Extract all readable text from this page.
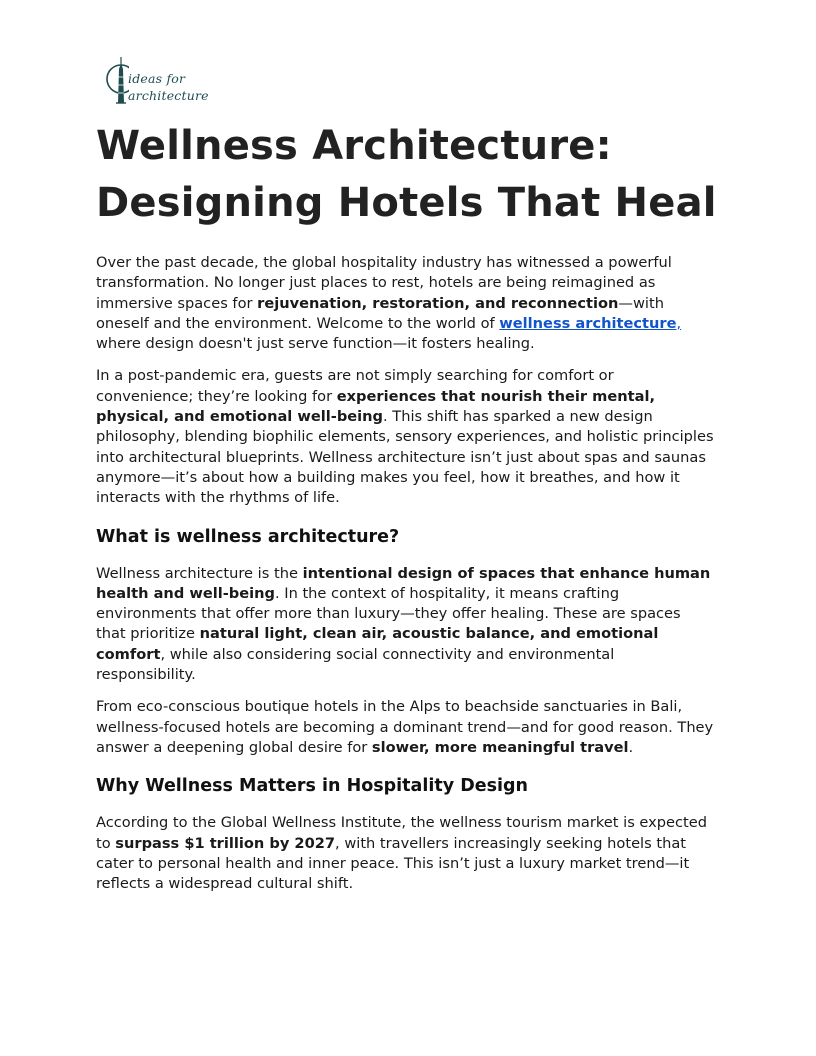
ideas for
architecture
Wellness Architecture:
Designing Hotels That Heal

Over the past decade, the global hospitality industry has witnessed a powerful
transformation. No longer just places to rest, hotels are being reimagined as
immersive spaces for rejuvenation, restoration, and reconnection—with
oneself and the environment. Welcome to the world of wellness architecture,
where design doesn't just serve function—it fosters healing.

In a post-pandemic era, guests are not simply searching for comfort or
convenience; they’re looking for experiences that nourish their mental,
physical, and emotional well-being. This shift has sparked a new design
philosophy, blending biophilic elements, sensory experiences, and holistic principles
into architectural blueprints. Wellness architecture isn’t just about spas and saunas
anymore—it’s about how a building makes you feel, how it breathes, and how it
interacts with the rhythms of life.

What is wellness architecture?

Wellness architecture is the intentional design of spaces that enhance human
health and well-being. In the context of hospitality, it means crafting
environments that offer more than luxury—they offer healing. These are spaces
that prioritize natural light, clean air, acoustic balance, and emotional
comfort, while also considering social connectivity and environmental
responsibility.

From eco-conscious boutique hotels in the Alps to beachside sanctuaries in Bali,
wellness-focused hotels are becoming a dominant trend—and for good reason. They
answer a deepening global desire for slower, more meaningful travel.

Why Wellness Matters in Hospitality Design

According to the Global Wellness Institute, the wellness tourism market is expected
to surpass $1 trillion by 2027, with travellers increasingly seeking hotels that
cater to personal health and inner peace. This isn’t just a luxury market trend—it
reflects a widespread cultural shift.
